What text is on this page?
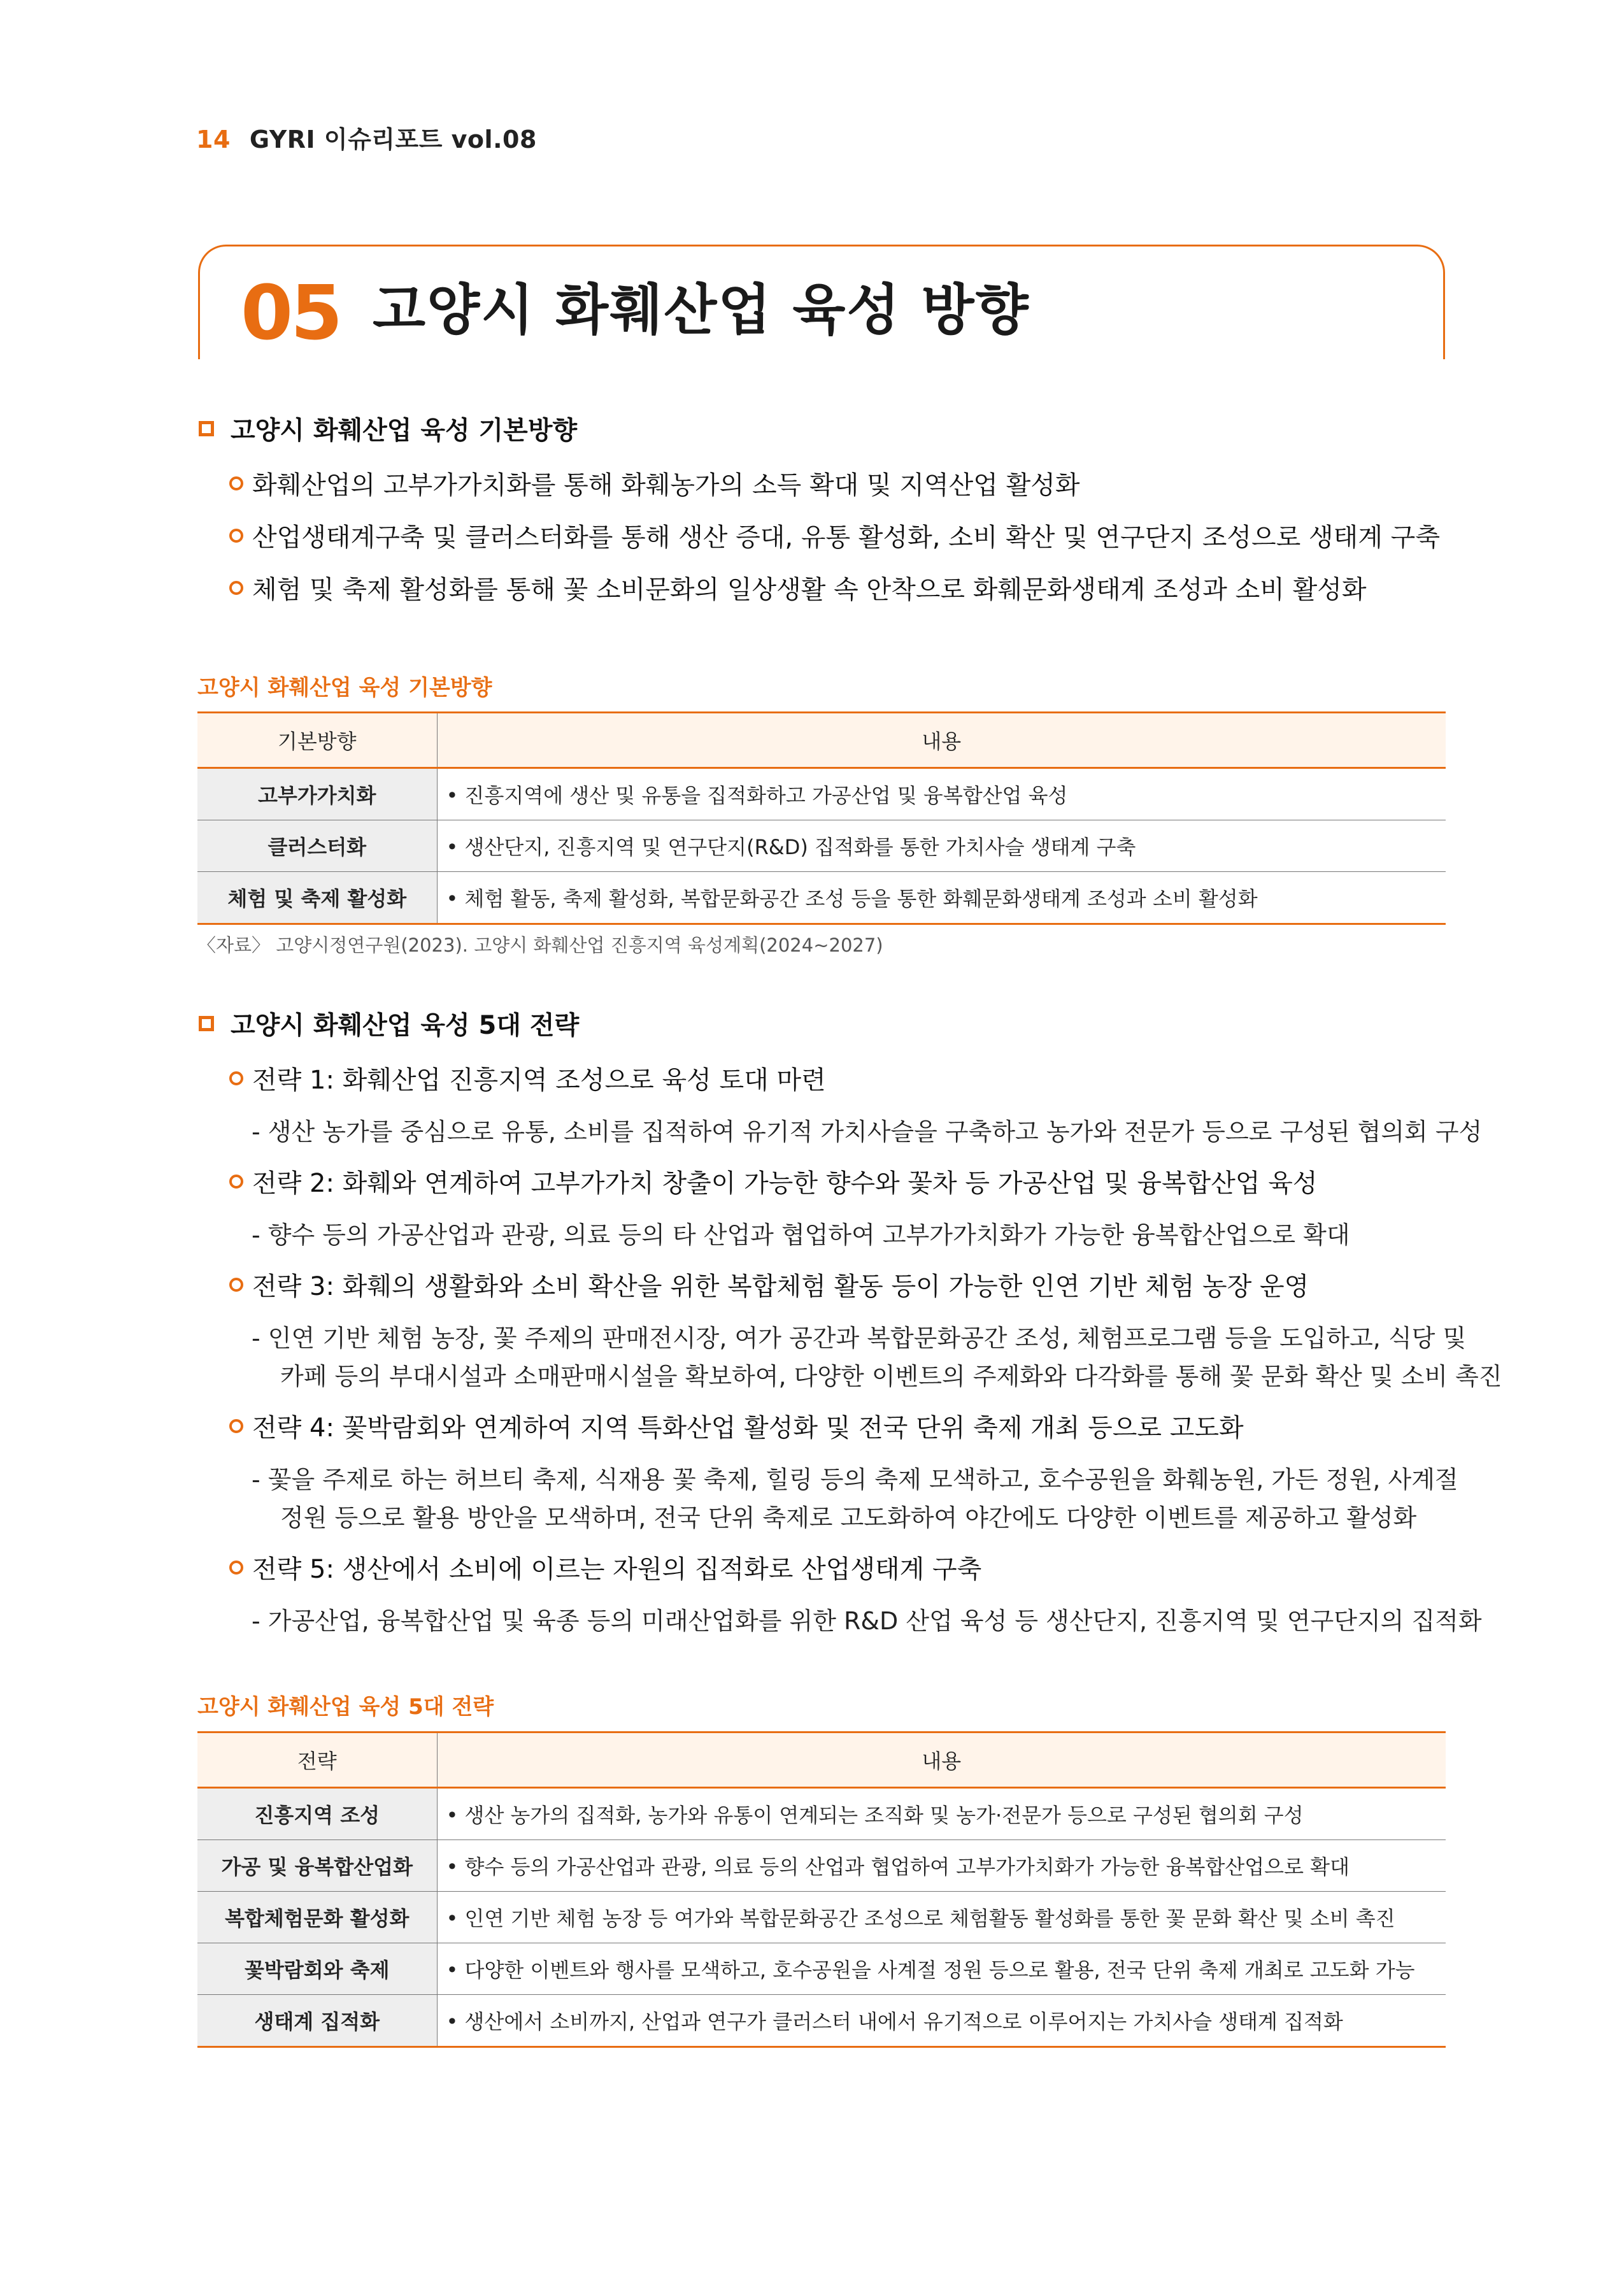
14 GYRI 이슈리포트 vol.08
05 고양시 화훼산업 육성 방향
고양시 화훼산업 육성 기본방향
화훼산업의 고부가가치화를 통해 화훼농가의 소득 확대 및 지역산업 활성화
산업생태계구축 및 클러스터화를 통해 생산 증대, 유통 활성화, 소비 확산 및 연구단지 조성으로 생태계 구축
체험 및 축제 활성화를 통해 꽃 소비문화의 일상생활 속 안착으로 화훼문화생태계 조성과 소비 활성화
고양시 화훼산업 육성 기본방향
기본방향	내용
고부가가치화	• 진흥지역에 생산 및 유통을 집적화하고 가공산업 및 융복합산업 육성
클러스터화	• 생산단지, 진흥지역 및 연구단지(R&D) 집적화를 통한 가치사슬 생태계 구축
체험 및 축제 활성화	• 체험 활동, 축제 활성화, 복합문화공간 조성 등을 통한 화훼문화생태계 조성과 소비 활성화
〈자료〉 고양시정연구원(2023). 고양시 화훼산업 진흥지역 육성계획(2024~2027)
고양시 화훼산업 육성 5대 전략
전략 1: 화훼산업 진흥지역 조성으로 육성 토대 마련
- 생산 농가를 중심으로 유통, 소비를 집적하여 유기적 가치사슬을 구축하고 농가와 전문가 등으로 구성된 협의회 구성
전략 2: 화훼와 연계하여 고부가가치 창출이 가능한 향수와 꽃차 등 가공산업 및 융복합산업 육성
- 향수 등의 가공산업과 관광, 의료 등의 타 산업과 협업하여 고부가가치화가 가능한 융복합산업으로 확대
전략 3: 화훼의 생활화와 소비 확산을 위한 복합체험 활동 등이 가능한 인연 기반 체험 농장 운영
- 인연 기반 체험 농장, 꽃 주제의 판매전시장, 여가 공간과 복합문화공간 조성, 체험프로그램 등을 도입하고, 식당 및
카페 등의 부대시설과 소매판매시설을 확보하여, 다양한 이벤트의 주제화와 다각화를 통해 꽃 문화 확산 및 소비 촉진
전략 4: 꽃박람회와 연계하여 지역 특화산업 활성화 및 전국 단위 축제 개최 등으로 고도화
- 꽃을 주제로 하는 허브티 축제, 식재용 꽃 축제, 힐링 등의 축제 모색하고, 호수공원을 화훼농원, 가든 정원, 사계절
정원 등으로 활용 방안을 모색하며, 전국 단위 축제로 고도화하여 야간에도 다양한 이벤트를 제공하고 활성화
전략 5: 생산에서 소비에 이르는 자원의 집적화로 산업생태계 구축
- 가공산업, 융복합산업 및 육종 등의 미래산업화를 위한 R&D 산업 육성 등 생산단지, 진흥지역 및 연구단지의 집적화
고양시 화훼산업 육성 5대 전략
전략	내용
진흥지역 조성	• 생산 농가의 집적화, 농가와 유통이 연계되는 조직화 및 농가·전문가 등으로 구성된 협의회 구성
가공 및 융복합산업화	• 향수 등의 가공산업과 관광, 의료 등의 산업과 협업하여 고부가가치화가 가능한 융복합산업으로 확대
복합체험문화 활성화	• 인연 기반 체험 농장 등 여가와 복합문화공간 조성으로 체험활동 활성화를 통한 꽃 문화 확산 및 소비 촉진
꽃박람회와 축제	• 다양한 이벤트와 행사를 모색하고, 호수공원을 사계절 정원 등으로 활용, 전국 단위 축제 개최로 고도화 가능
생태계 집적화	• 생산에서 소비까지, 산업과 연구가 클러스터 내에서 유기적으로 이루어지는 가치사슬 생태계 집적화
